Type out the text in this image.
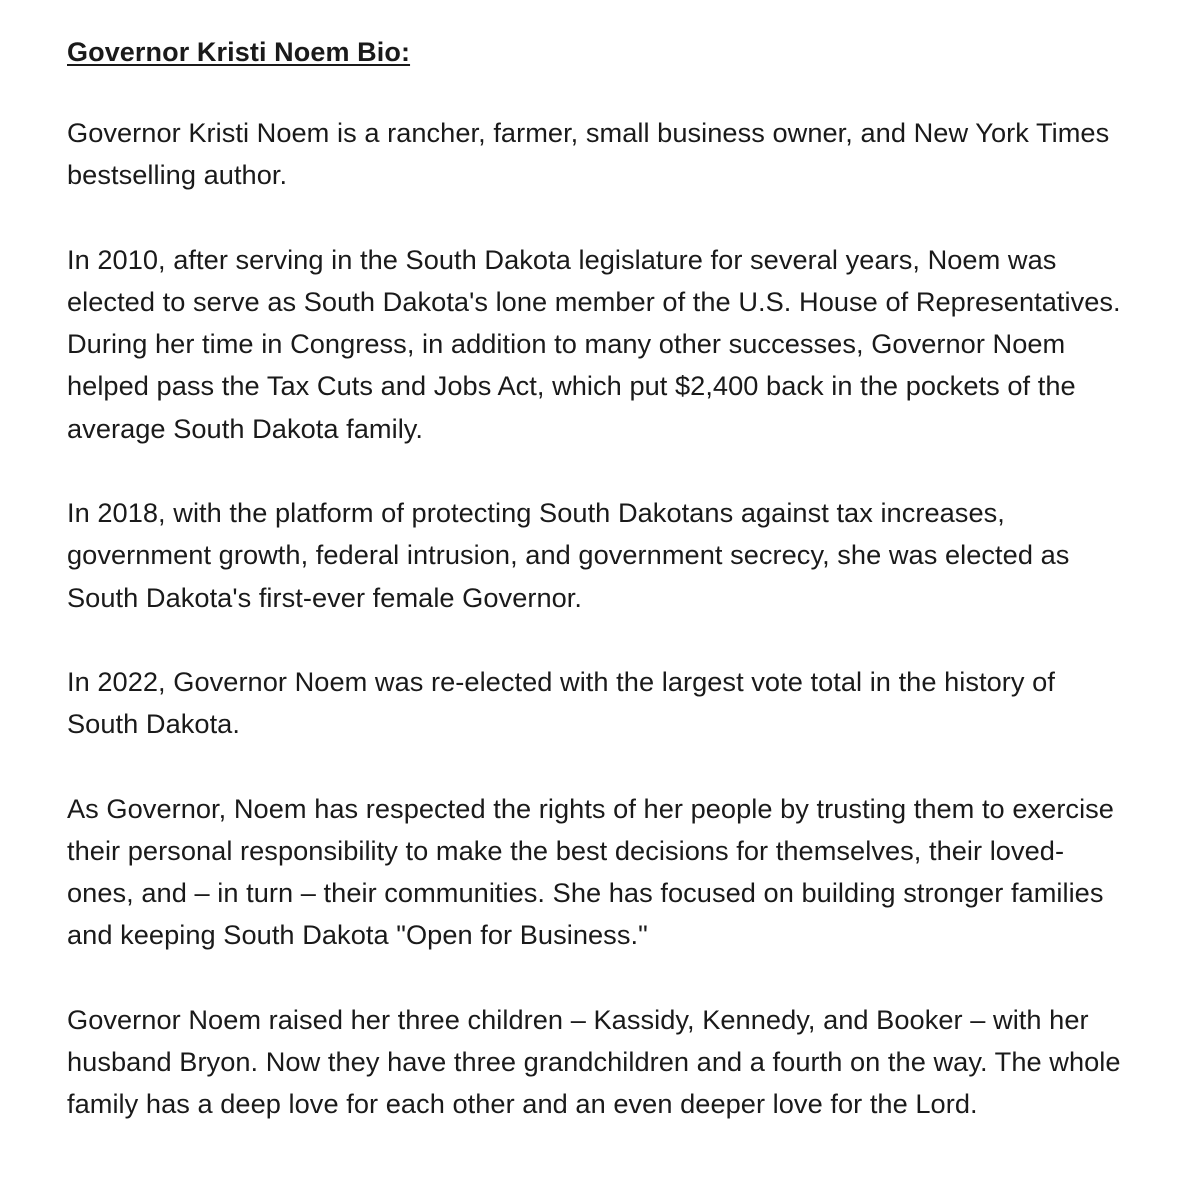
Governor Kristi Noem Bio:

Governor Kristi Noem is a rancher, farmer, small business owner, and New York Times bestselling author.

In 2010, after serving in the South Dakota legislature for several years, Noem was elected to serve as South Dakota's lone member of the U.S. House of Representatives. During her time in Congress, in addition to many other successes, Governor Noem helped pass the Tax Cuts and Jobs Act, which put $2,400 back in the pockets of the average South Dakota family.

In 2018, with the platform of protecting South Dakotans against tax increases, government growth, federal intrusion, and government secrecy, she was elected as South Dakota's first-ever female Governor.

In 2022, Governor Noem was re-elected with the largest vote total in the history of South Dakota.

As Governor, Noem has respected the rights of her people by trusting them to exercise their personal responsibility to make the best decisions for themselves, their loved-ones, and – in turn – their communities. She has focused on building stronger families and keeping South Dakota "Open for Business."

Governor Noem raised her three children – Kassidy, Kennedy, and Booker – with her husband Bryon. Now they have three grandchildren and a fourth on the way. The whole family has a deep love for each other and an even deeper love for the Lord.
